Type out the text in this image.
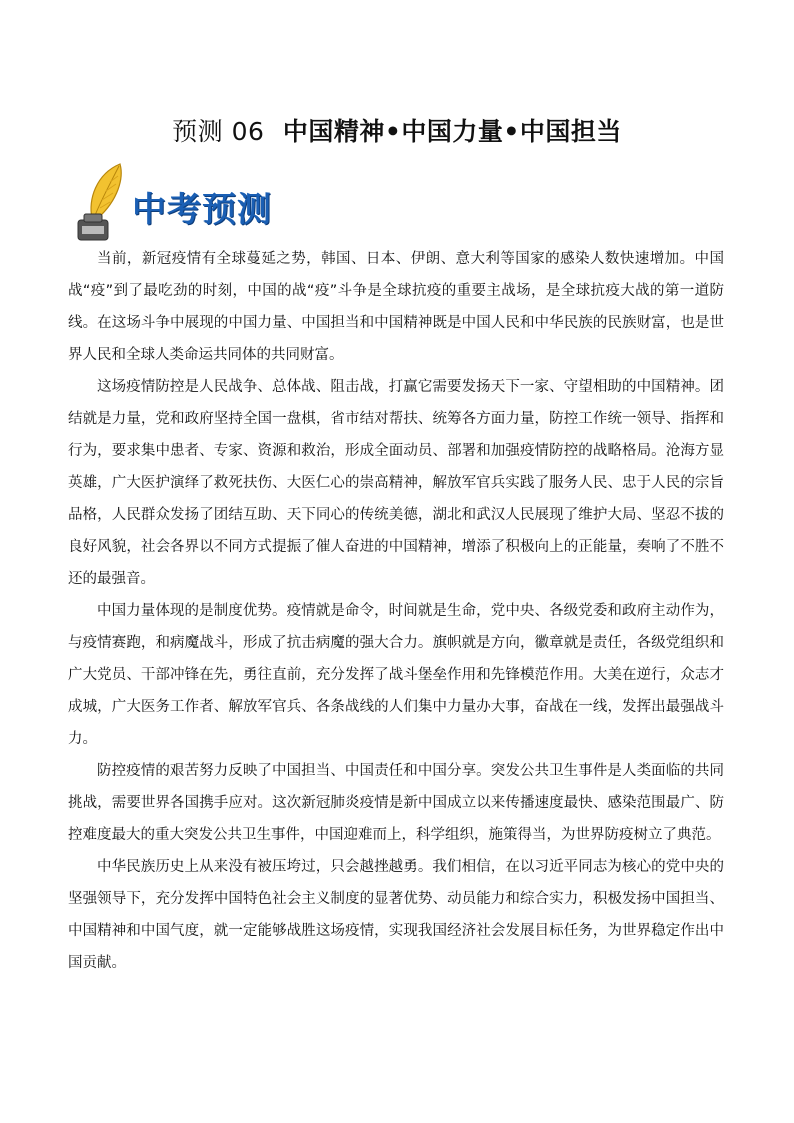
预测 06 中国精神•中国力量•中国担当
中考预测

当前，新冠疫情有全球蔓延之势，韩国、日本、伊朗、意大利等国家的感染人数快速增加。中国战“疫”到了最吃劲的时刻，中国的战“疫”斗争是全球抗疫的重要主战场，是全球抗疫大战的第一道防线。在这场斗争中展现的中国力量、中国担当和中国精神既是中国人民和中华民族的民族财富，也是世界人民和全球人类命运共同体的共同财富。

这场疫情防控是人民战争、总体战、阻击战，打赢它需要发扬天下一家、守望相助的中国精神。团结就是力量，党和政府坚持全国一盘棋，省市结对帮扶、统筹各方面力量，防控工作统一领导、指挥和行为，要求集中患者、专家、资源和救治，形成全面动员、部署和加强疫情防控的战略格局。沧海方显英雄，广大医护演绎了救死扶伤、大医仁心的崇高精神，解放军官兵实践了服务人民、忠于人民的宗旨品格，人民群众发扬了团结互助、天下同心的传统美德，湖北和武汉人民展现了维护大局、坚忍不拔的良好风貌，社会各界以不同方式提振了催人奋进的中国精神，增添了积极向上的正能量，奏响了不胜不还的最强音。

中国力量体现的是制度优势。疫情就是命令，时间就是生命，党中央、各级党委和政府主动作为，与疫情赛跑，和病魔战斗，形成了抗击病魔的强大合力。旗帜就是方向，徽章就是责任，各级党组织和广大党员、干部冲锋在先，勇往直前，充分发挥了战斗堡垒作用和先锋模范作用。大美在逆行，众志才成城，广大医务工作者、解放军官兵、各条战线的人们集中力量办大事，奋战在一线，发挥出最强战斗力。

防控疫情的艰苦努力反映了中国担当、中国责任和中国分享。突发公共卫生事件是人类面临的共同挑战，需要世界各国携手应对。这次新冠肺炎疫情是新中国成立以来传播速度最快、感染范围最广、防控难度最大的重大突发公共卫生事件，中国迎难而上，科学组织，施策得当，为世界防疫树立了典范。

中华民族历史上从来没有被压垮过，只会越挫越勇。我们相信，在以习近平同志为核心的党中央的坚强领导下，充分发挥中国特色社会主义制度的显著优势、动员能力和综合实力，积极发扬中国担当、中国精神和中国气度，就一定能够战胜这场疫情，实现我国经济社会发展目标任务，为世界稳定作出中国贡献。
